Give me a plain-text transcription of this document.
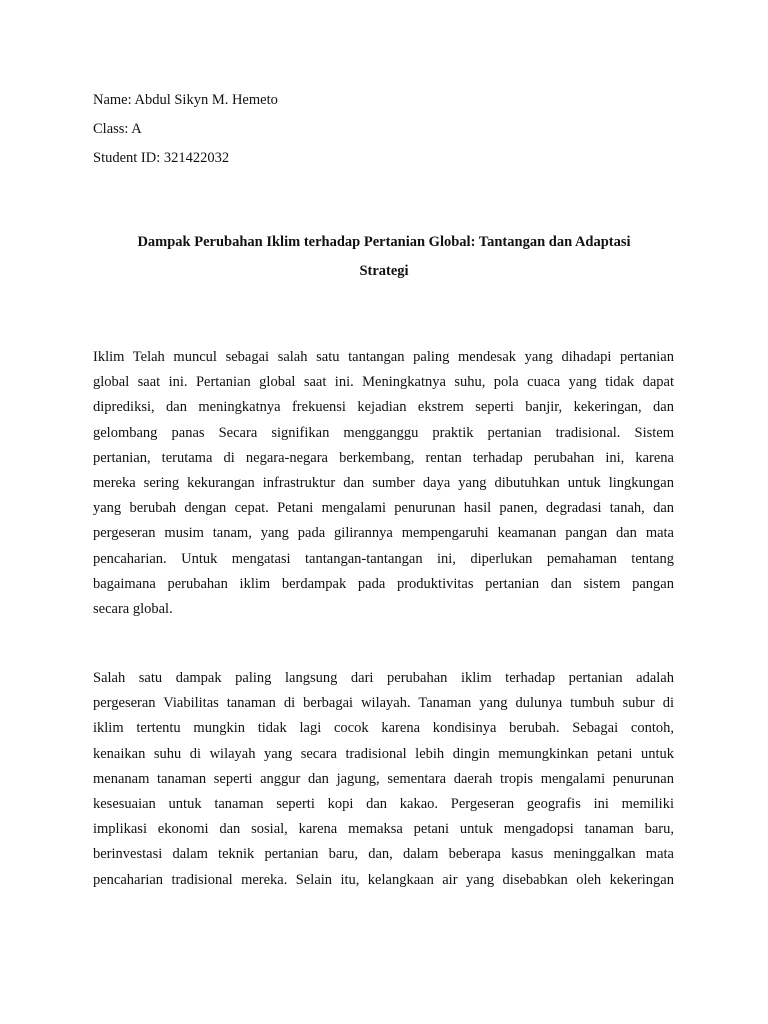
Name: Abdul Sikyn M. Hemeto
Class: A
Student ID: 321422032
Dampak Perubahan Iklim terhadap Pertanian Global: Tantangan dan Adaptasi
Strategi
Iklim Telah muncul sebagai salah satu tantangan paling mendesak yang dihadapi pertanian
global saat ini. Pertanian global saat ini. Meningkatnya suhu, pola cuaca yang tidak dapat
diprediksi, dan meningkatnya frekuensi kejadian ekstrem seperti banjir, kekeringan, dan
gelombang panas Secara signifikan mengganggu praktik pertanian tradisional. Sistem
pertanian, terutama di negara-negara berkembang, rentan terhadap perubahan ini, karena
mereka sering kekurangan infrastruktur dan sumber daya yang dibutuhkan untuk lingkungan
yang berubah dengan cepat. Petani mengalami penurunan hasil panen, degradasi tanah, dan
pergeseran musim tanam, yang pada gilirannya mempengaruhi keamanan pangan dan mata
pencaharian. Untuk mengatasi tantangan-tantangan ini, diperlukan pemahaman tentang
bagaimana perubahan iklim berdampak pada produktivitas pertanian dan sistem pangan
secara global.
Salah satu dampak paling langsung dari perubahan iklim terhadap pertanian adalah
pergeseran Viabilitas tanaman di berbagai wilayah. Tanaman yang dulunya tumbuh subur di
iklim tertentu mungkin tidak lagi cocok karena kondisinya berubah. Sebagai contoh,
kenaikan suhu di wilayah yang secara tradisional lebih dingin memungkinkan petani untuk
menanam tanaman seperti anggur dan jagung, sementara daerah tropis mengalami penurunan
kesesuaian untuk tanaman seperti kopi dan kakao. Pergeseran geografis ini memiliki
implikasi ekonomi dan sosial, karena memaksa petani untuk mengadopsi tanaman baru,
berinvestasi dalam teknik pertanian baru, dan, dalam beberapa kasus meninggalkan mata
pencaharian tradisional mereka. Selain itu, kelangkaan air yang disebabkan oleh kekeringan
